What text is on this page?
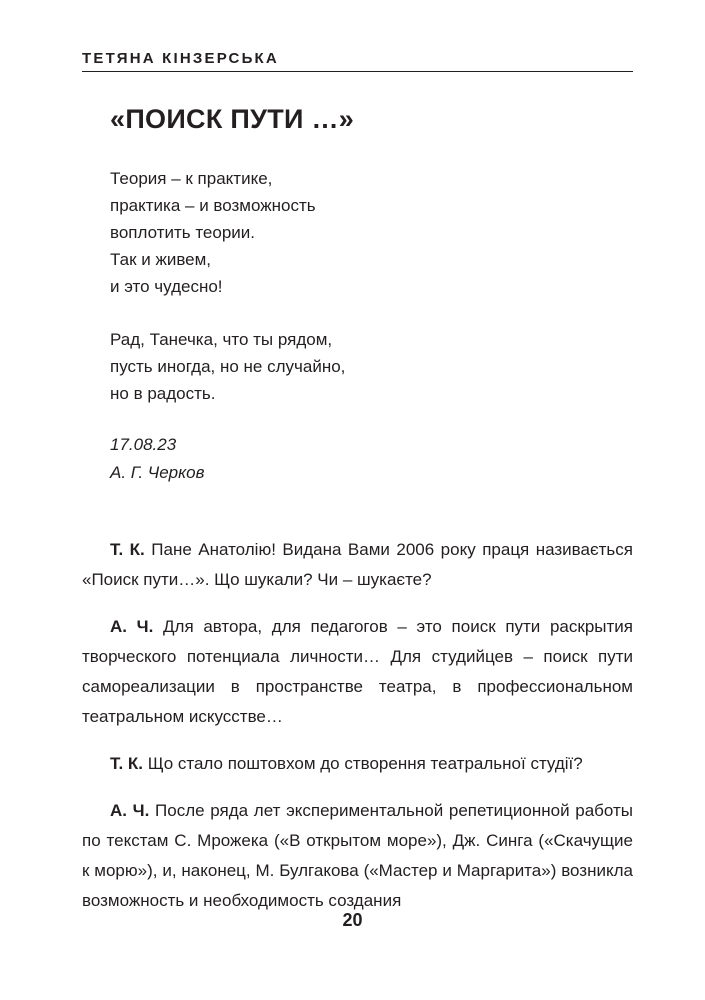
ТЕТЯНА КІНЗЕРСЬКА
«ПОИСК ПУТИ …»
Теория – к практике,
практика – и возможность
воплотить теории.
Так и живем,
и это чудесно!
Рад, Танечка, что ты рядом,
пусть иногда, но не случайно,
но в радость.
17.08.23
А. Г. Черков

Т. К. Пане Анатолію! Видана Вами 2006 року праця називається «Поиск пути…». Що шукали? Чи – шукаєте?

А. Ч. Для автора, для педагогов – это поиск пути раскрытия творческого потенциала личности… Для студийцев – поиск пути самореализации в пространстве театра, в профессиональном театральном искусстве…

Т. К. Що стало поштовхом до створення театральної студії?

А. Ч. После ряда лет экспериментальной репетиционной работы по текстам С. Мрожека («В открытом море»), Дж. Синга («Скачущие к морю»), и, наконец, М. Булгакова («Мастер и Маргарита») возникла возможность и необходимость создания

20
